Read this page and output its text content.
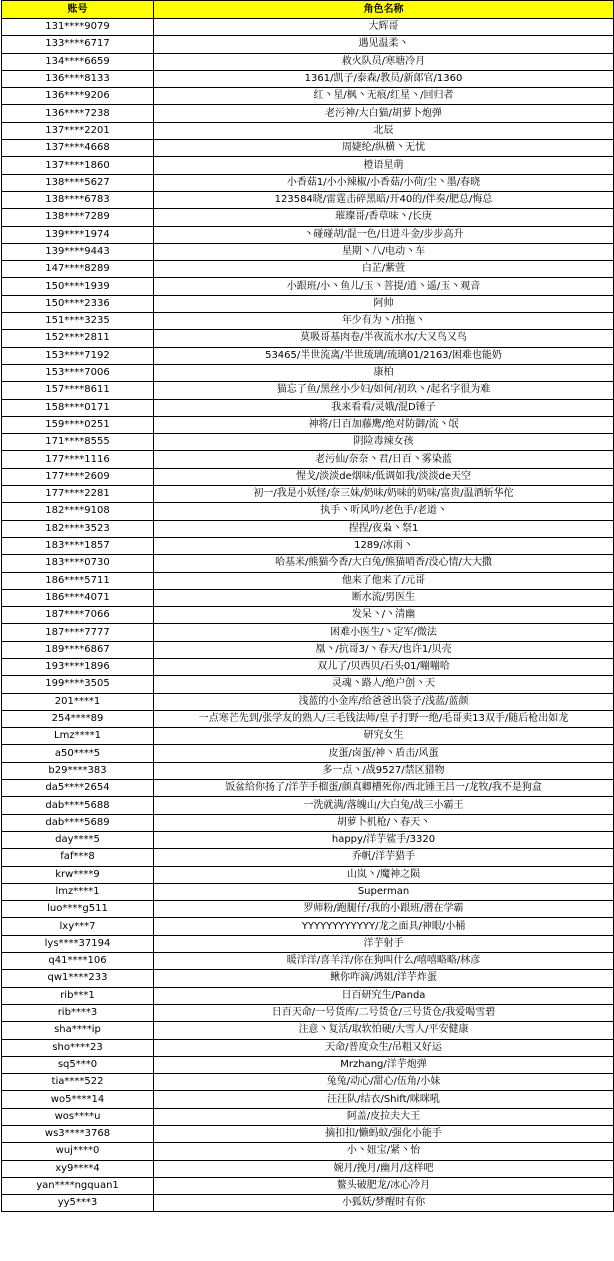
账号	角色名称
131****9079	大辉哥
133****6717	遇见温柔丶
134****6659	救火队员/寒塘冷月
136****8133	1361/凯子/泰森/教员/新郎官/1360
136****9206	红丶星/枫丶无痕/红星丶/回归者
136****7238	老污神/大白猫/胡萝卜炮弹
137****2201	北辰
137****4668	周婕纶/纵横丶无忧
137****1860	橙语星萌
138****5627	小香菇1/小小辣椒/小香菇/小荷/尘丶墨/春晓
138****6783	123584晓/雷霆击碎黑暗/开40的/伴奏/肥总/悔总
138****7289	璀璨哥/香草味丶/长庚
139****1974	丶碰碰胡/混一色/日进斗金/步步高升
139****9443	星期丶八/电动丶车
147****8289	白芷/紫萱
150****1939	小跟班/小丶鱼儿/玉丶菩提/逍丶遥/玉丶观音
150****2336	阿帅
151****3235	年少有为丶/拍拖丶
152****2811	莫吸哥基肉卷/半夜流水水/大又鸟又鸟
153****7192	53465/半世流离/半世琉璃/琉璃01/2163/困难也能奶
153****7006	康柏
157****8611	猫忘了鱼/黑丝小少妇/如何/初玖丶/起名字很为难
158****0171	我来看看/灵娥/混D锤子
159****0251	神将/日百加藤鹰/绝对防御/流丶氓
171****8555	阴险毒辣女孩
177****1116	老污仙/奈奈丶君/日百丶雾染蓝
177****2609	惺戈/淡淡de烟味/低调如我/淡淡de天空
177****2281	初一/我是小妖怪/奈三妹/奶味/奶味的奶味/富贵/温酒斩华佗
182****9108	执手丶听风吟/老色手/老道丶
182****3523	捏捏/夜枭丶祭1
183****1857	1289/冰雨丶
183****0730	哈基米/熊猫今香/大白兔/熊猫哨香/没心情/大大撒
186****5711	他来了他来了/元哥
186****4071	断水流/男医生
187****7066	发呆丶/丶清幽
187****7777	困难小医生/丶定军/微法
189****6867	凰丶/抗哥3/丶春天/也许1/贝壳
193****1896	双儿了/贝西贝/石头01/嘣嘣哈
199****3505	灵魂丶路人/绝户创丶天
201****1	浅蓝的小金库/给爸爸出袋子/浅蓝/蓝颜
254****89	一点寒芒先到/张学友的熟人/三毛钱法师/皇子打野一绝/毛哥卖13双手/随后枪出如龙
Lmz****1	研究女生
a50****5	皮蛋/卤蛋/神丶盾击/风蛋
b29****383	多一点丶/战9527/禁区猎物
da5****2654	饭盆给你扬了/洋芋手榴蛋/颜真卿槽死你/西北锤王吕一/龙牧/我不是狗盒
dab****5688	一洗就满/落魄山/大白兔/战三小霸王
dab****5689	胡萝卜机枪/丶春天丶
day****5	happy/洋芋鲨手/3320
faf***8	乔帆/洋芋猎手
krw****9	山岚丶/魔神之陨
lmz****1	Superman
luo****g511	罗师粉/跑腿仔/我的小跟班/潜在学霸
lxy***7	YYYYYYYYYYYY/龙之面具/神眼/小桶
lys****37194	洋芋射手
q41****106	暖洋洋/喜羊洋/你在狗叫什么/嘻嘻略略/林彦
qw1****233	鳅你咋滴/鸿姐/洋芋炸蛋
rib***1	日百研究生/Panda
rib****3	日百天命/一号货库/二号货仓/三号货仓/我爱喝雪碧
sha****ip	注意丶复活/取软怕硬/大雪人/平安健康
sho****23	天命/普度众生/吊粗又好运
sq5***0	Mrzhang/洋芋炮弹
tia****522	兔兔/动心/甜心/伍角/小妹
wo5****14	汪汪队/结衣/Shift/咪咪吼
wos****u	阿盖/皮拉夫大王
ws3****3768	摘扣扣/懒蚂蚁/强化小能手
wuj****0	小丶妞宝/紧丶怡
xy9****4	婉月/挽月/幽月/这样吧
yan****ngquan1	鳌头破肥龙/冰心冷月
yy5***3	小狐妖/梦醒时有你
